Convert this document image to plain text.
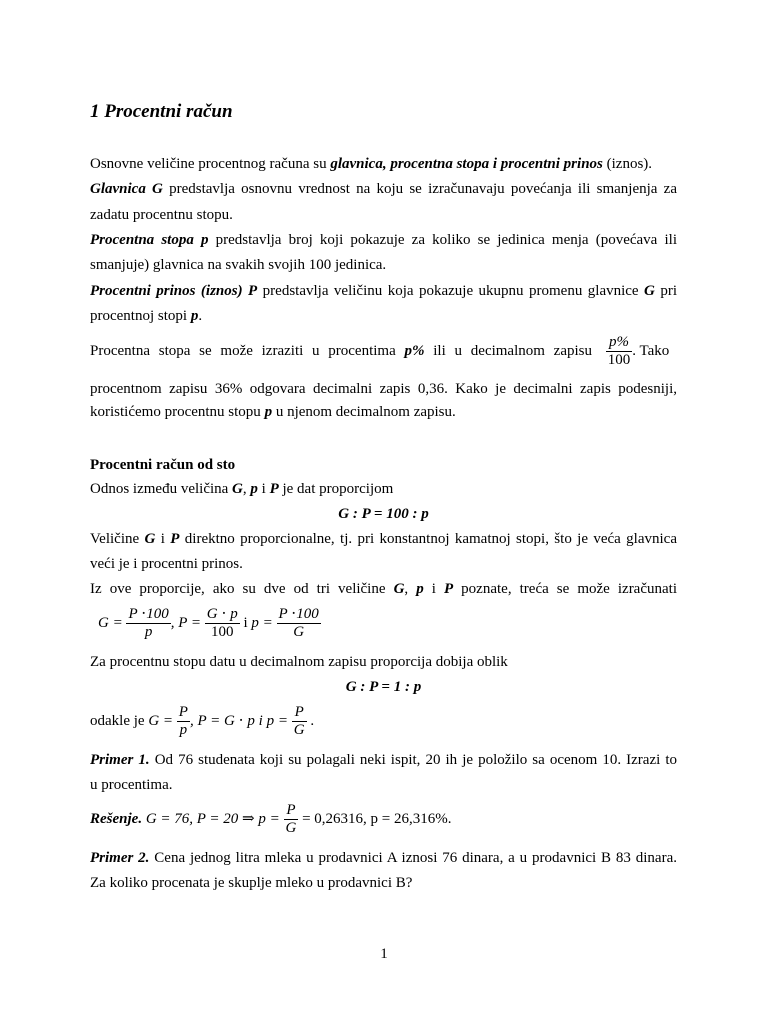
1 Procentni račun
Osnovne veličine procentnog računa su glavnica, procentna stopa i procentni prinos (iznos).
Glavnica G predstavlja osnovnu vrednost na koju se izračunavaju povećanja ili smanjenja za
zadatu procentnu stopu.
Procentna stopa p predstavlja broj koji pokazuje za koliko se jedinica menja (povećava ili
smanjuje) glavnica na svakih svojih 100 jedinica.
Procentni prinos (iznos) P predstavlja veličinu koja pokazuje ukupnu promenu glavnice G pri
procentnoj stopi p.
Procentna stopa se može izraziti u procentima p% ili u decimalnom zapisu $\frac{p\%}{100}$ . Tako
procentnom zapisu 36% odgovara decimalni zapis 0,36. Kako je decimalni zapis podesniji,
koristićemo procentnu stopu p u njenom decimalnom zapisu.
Procentni račun od sto
Odnos između veličina G, p i P je dat proporcijom
G : P = 100 : p
Veličine G i P direktno proporcionalne, tj. pri konstantnoj kamatnoj stopi, što je veća glavnica
veći je i procentni prinos.
Iz ove proporcije, ako su dve od tri veličine G, p i P poznate, treća se može izračunati
$G = \frac{P \cdot 100}{p}$ , $P = \frac{G \cdot p}{100}$ i $p = \frac{P \cdot 100}{G}$
Za procentnu stopu datu u decimalnom zapisu proporcija dobija oblik
G : P = 1 : p
odakle je $G = \frac{P}{p}$ , P = G ⋅ p i $p = \frac{P}{G}$ .
Primer 1. Od 76 studenata koji su polagali neki ispit, 20 ih je položilo sa ocenom 10. Izrazi to
u procentima.
Rešenje. G = 76, P = 20 ⇒ $p = \frac{P}{G} = 0,26316$, p = 26,316%.
Primer 2. Cena jednog litra mleka u prodavnici A iznosi 76 dinara, a u prodavnici B 83 dinara.
Za koliko procenata je skuplje mleko u prodavnici B?
1
